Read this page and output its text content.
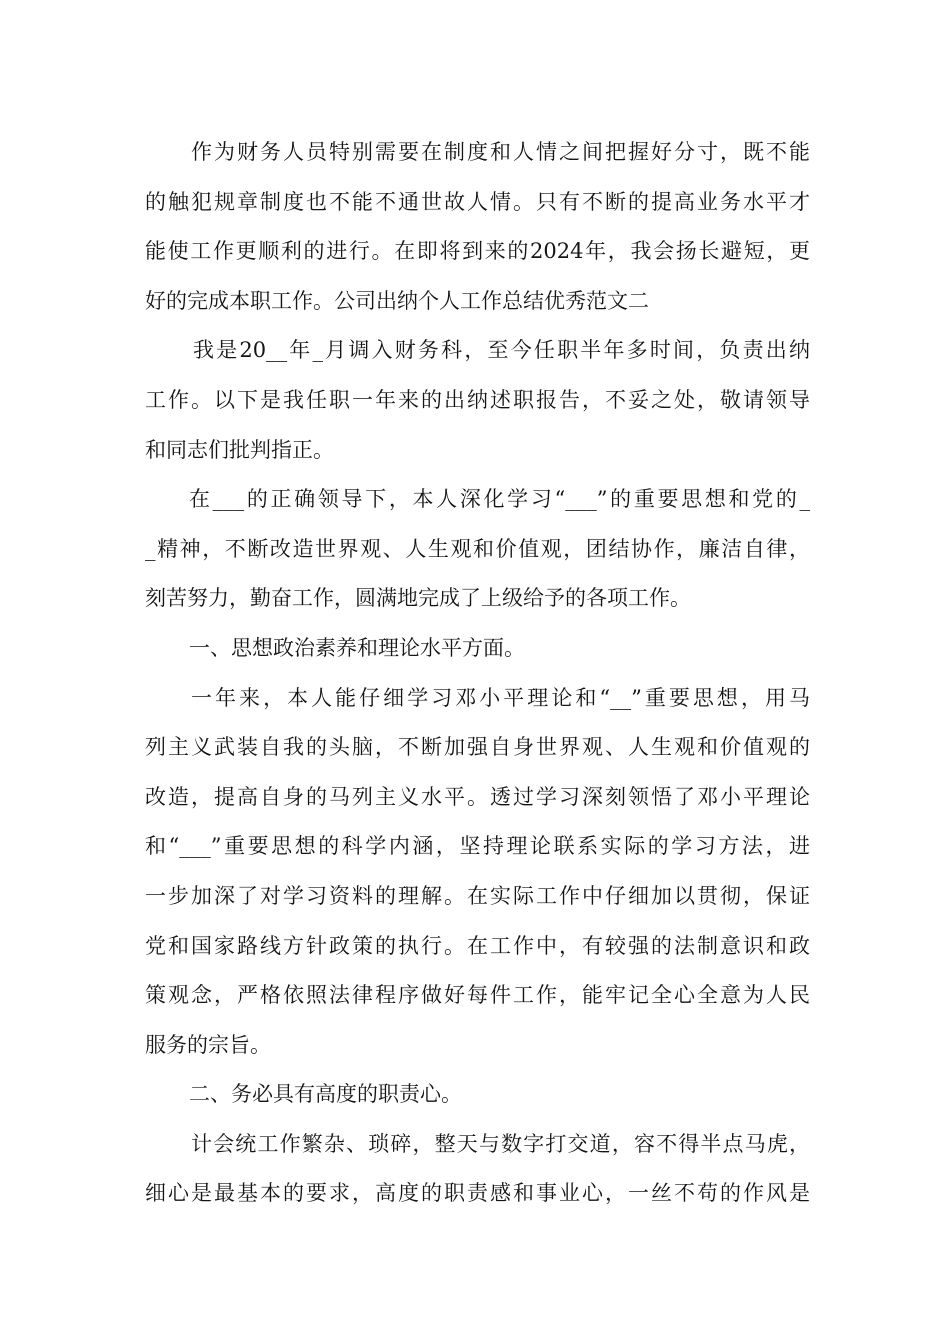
作为财务人员特别需要在制度和人情之间把握好分寸，既不能
的触犯规章制度也不能不通世故人情。只有不断的提高业务水平才
能使工作更顺利的进行。在即将到来的2024年，我会扬长避短，更
好的完成本职工作。公司出纳个人工作总结优秀范文二
我是20__年_月调入财务科，至今任职半年多时间，负责出纳
工作。以下是我任职一年来的出纳述职报告，不妥之处，敬请领导
和同志们批判指正。
在___的正确领导下，本人深化学习“___”的重要思想和党的_
_精神，不断改造世界观、人生观和价值观，团结协作，廉洁自律，
刻苦努力，勤奋工作，圆满地完成了上级给予的各项工作。
一、思想政治素养和理论水平方面。
一年来，本人能仔细学习邓小平理论和“__”重要思想，用马
列主义武装自我的头脑，不断加强自身世界观、人生观和价值观的
改造，提高自身的马列主义水平。透过学习深刻领悟了邓小平理论
和“___”重要思想的科学内涵，坚持理论联系实际的学习方法，进
一步加深了对学习资料的理解。在实际工作中仔细加以贯彻，保证
党和国家路线方针政策的执行。在工作中，有较强的法制意识和政
策观念，严格依照法律程序做好每件工作，能牢记全心全意为人民
服务的宗旨。
二、务必具有高度的职责心。
计会统工作繁杂、琐碎，整天与数字打交道，容不得半点马虎，
细心是最基本的要求，高度的职责感和事业心，一丝不苟的作风是
